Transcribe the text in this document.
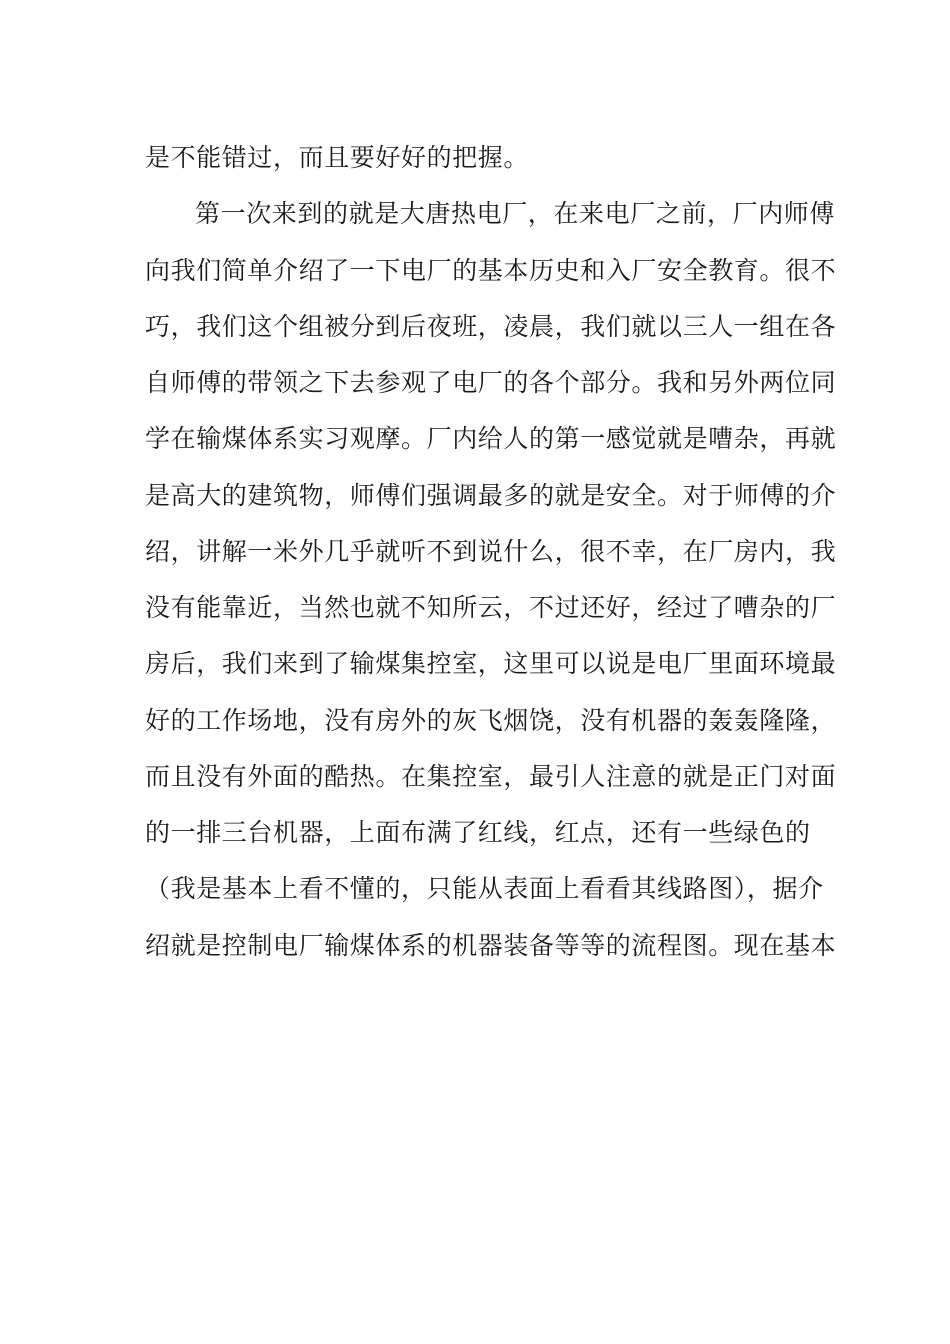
是不能错过，而且要好好的把握。
第一次来到的就是大唐热电厂，在来电厂之前，厂内师傅
向我们简单介绍了一下电厂的基本历史和入厂安全教育。很不
巧，我们这个组被分到后夜班，凌晨，我们就以三人一组在各
自师傅的带领之下去参观了电厂的各个部分。我和另外两位同
学在输煤体系实习观摩。厂内给人的第一感觉就是嘈杂，再就
是高大的建筑物，师傅们强调最多的就是安全。对于师傅的介
绍，讲解一米外几乎就听不到说什么，很不幸，在厂房内，我
没有能靠近，当然也就不知所云，不过还好，经过了嘈杂的厂
房后，我们来到了输煤集控室，这里可以说是电厂里面环境最
好的工作场地，没有房外的灰飞烟饶，没有机器的轰轰隆隆，
而且没有外面的酷热。在集控室，最引人注意的就是正门对面
的一排三台机器，上面布满了红线，红点，还有一些绿色的
（我是基本上看不懂的，只能从表面上看看其线路图），据介
绍就是控制电厂输煤体系的机器装备等等的流程图。现在基本
